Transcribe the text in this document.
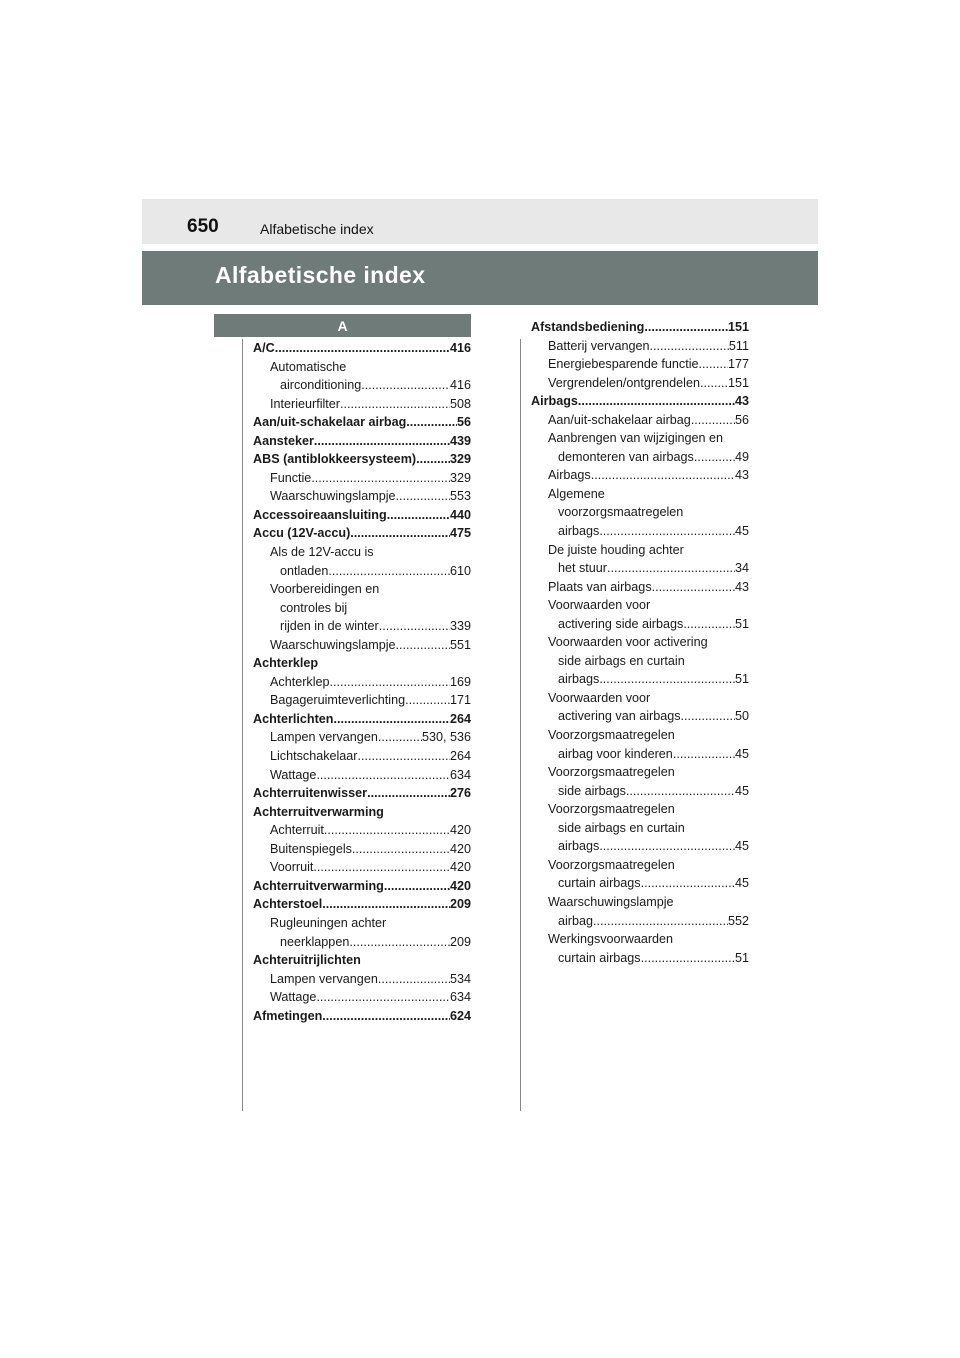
650	Alfabetische index
Alfabetische index
A
A/C .....	416
Automatische
airconditioning .....	416
Interieurfilter .....	508
Aan/uit-schakelaar airbag .....	56
Aansteker .....	439
ABS (antiblokkeersysteem) .....	329
Functie .....	329
Waarschuwingslampje .....	553
Accessoireaansluiting .....	440
Accu (12V-accu) .....	475
Als de 12V-accu is
ontladen .....	610
Voorbereidingen en
controles bij
rijden in de winter .....	339
Waarschuwingslampje .....	551
Achterklep
Achterklep .....	169
Bagageruimteverlichting .....	171
Achterlichten .....	264
Lampen vervangen .....	530, 536
Lichtschakelaar .....	264
Wattage .....	634
Achterruitenwisser .....	276
Achterruitverwarming
Achterruit .....	420
Buitenspiegels .....	420
Voorruit .....	420
Achterruitverwarming .....	420
Achterstoel .....	209
Rugleuningen achter
neerklappen .....	209
Achteruitrijlichten
Lampen vervangen .....	534
Wattage .....	634
Afmetingen .....	624
Afstandsbediening .....	151
Batterij vervangen .....	511
Energiebesparende functie ..... 177
Vergrendelen/ontgrendelen ..... 151
Airbags .....	43
Aan/uit-schakelaar airbag .....	56
Aanbrengen van wijzigingen en
demonteren van airbags .....	49
Airbags .....	43
Algemene
voorzorgsmaatregelen
airbags .....	45
De juiste houding achter
het stuur .....	34
Plaats van airbags .....	43
Voorwaarden voor
activering side airbags .....	51
Voorwaarden voor activering
side airbags en curtain
airbags .....	51
Voorwaarden voor
activering van airbags .....	50
Voorzorgsmaatregelen
airbag voor kinderen .....	45
Voorzorgsmaatregelen
side airbags .....	45
Voorzorgsmaatregelen
side airbags en curtain
airbags .....	45
Voorzorgsmaatregelen
curtain airbags .....	45
Waarschuwingslampje
airbag .....	552
Werkingsvoorwaarden
curtain airbags .....	51
